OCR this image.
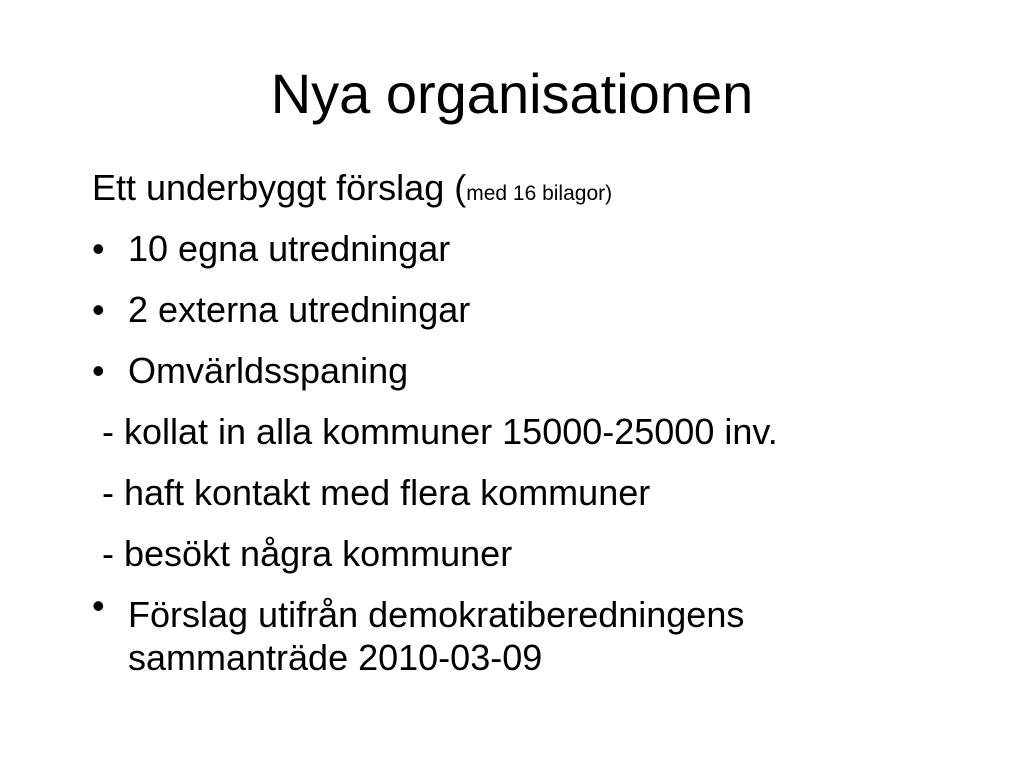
Nya organisationen
Ett underbyggt förslag (med 16 bilagor)
• 10 egna utredningar
• 2 externa utredningar
• Omvärldsspaning
- kollat in alla kommuner 15000-25000 inv.
- haft kontakt med flera kommuner
- besökt några kommuner
• Förslag utifrån demokratiberedningens
sammanträde 2010-03-09
